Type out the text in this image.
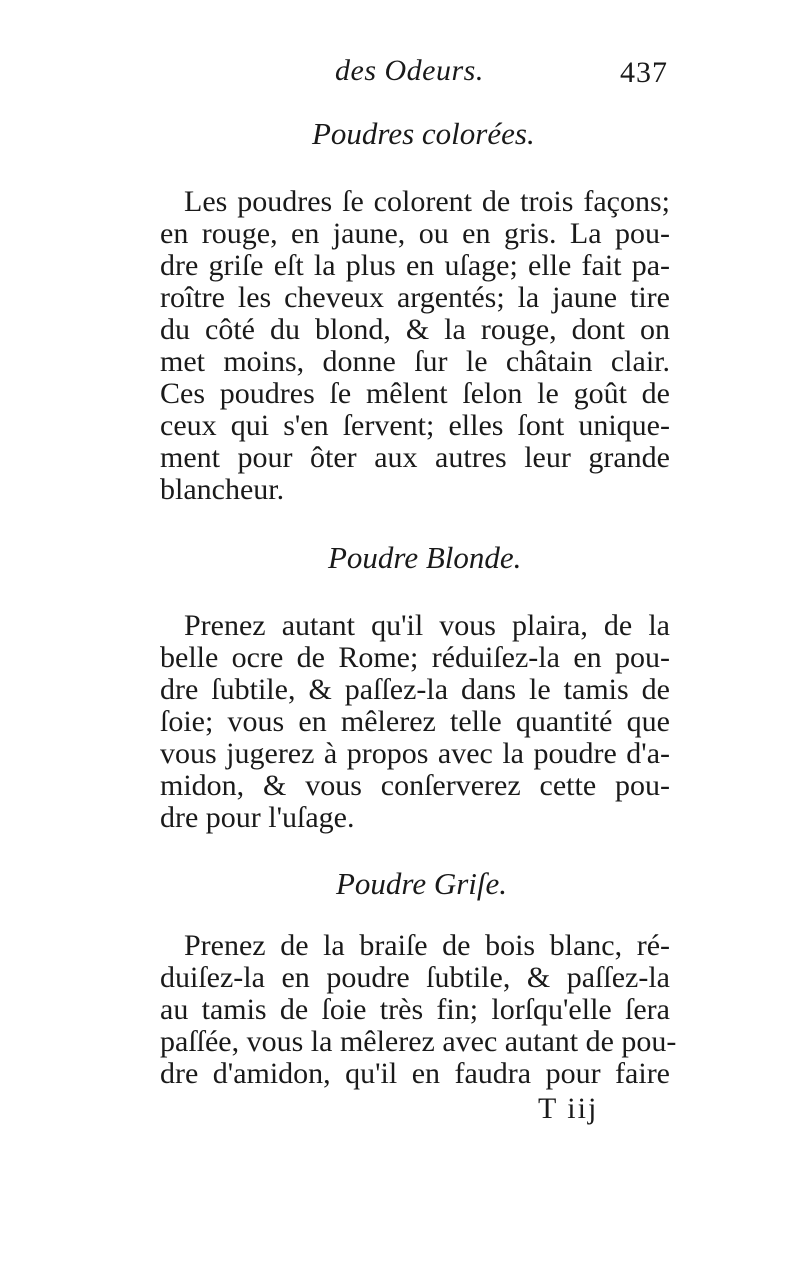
des Odeurs.	437
Poudres colorées.
Les poudres ſe colorent de trois façons;
en rouge, en jaune, ou en gris. La pou-
dre griſe eſt la plus en uſage; elle fait pa-
roître les cheveux argentés; la jaune tire
du côté du blond, & la rouge, dont on
met moins, donne ſur le châtain clair.
Ces poudres ſe mêlent ſelon le goût de
ceux qui s'en ſervent; elles ſont unique-
ment pour ôter aux autres leur grande
blancheur.
Poudre Blonde.
Prenez autant qu'il vous plaira, de la
belle ocre de Rome; réduiſez-la en pou-
dre ſubtile, & paſſez-la dans le tamis de
ſoie; vous en mêlerez telle quantité que
vous jugerez à propos avec la poudre d'a-
midon, & vous conſerverez cette pou-
dre pour l'uſage.
Poudre Griſe.
Prenez de la braiſe de bois blanc, ré-
duiſez-la en poudre ſubtile, & paſſez-la
au tamis de ſoie très fin; lorſqu'elle ſera
paſſée, vous la mêlerez avec autant de pou-
dre d'amidon, qu'il en faudra pour faire
T iij
